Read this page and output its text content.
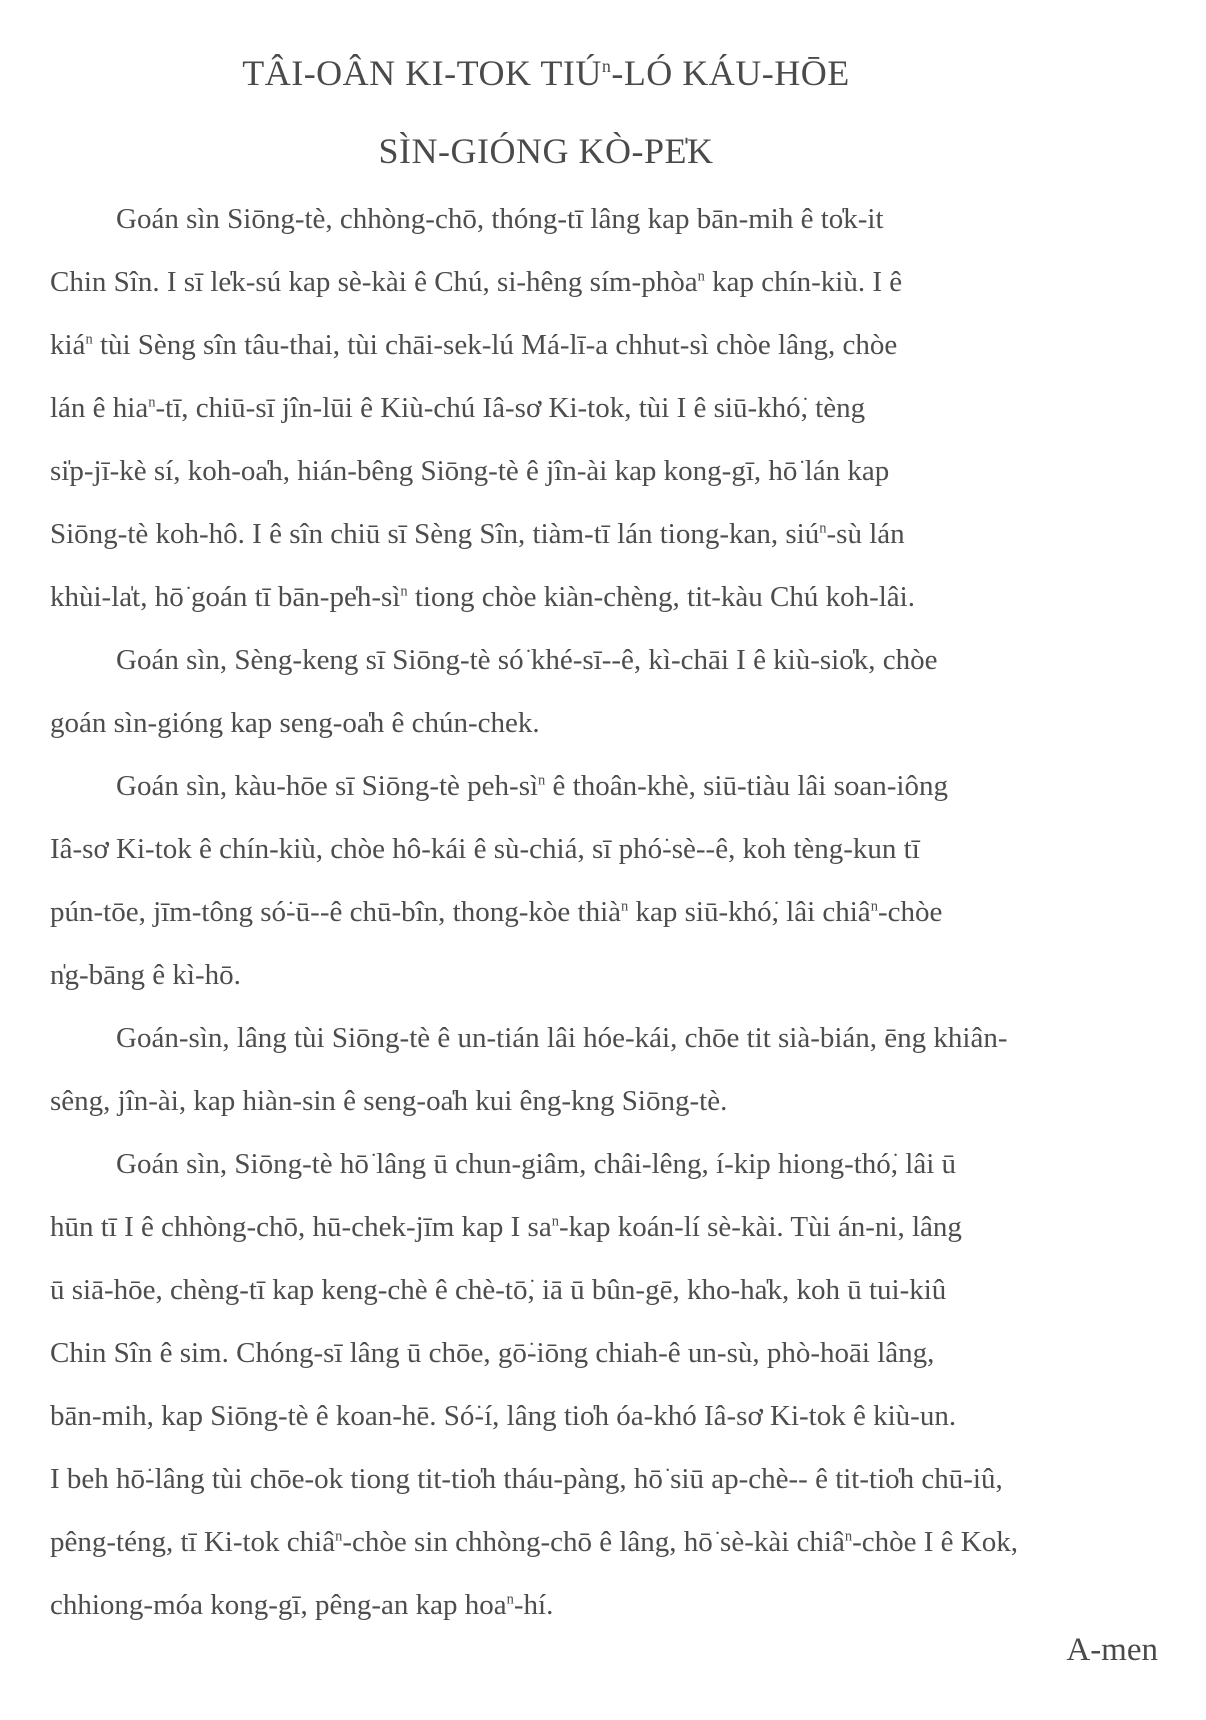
TÂI-OÂN KI-TOK TIÚ$^n$-LÓ KÁU-HŌE
SÌN-GIÓNG KÒ-PE̍K
Goán sìn Siōng-tè, chhòng-chō, thóng-tī lâng kap bān-mih ê to̍k-it
Chin Sîn. I sī le̍k-sú kap sè-kài ê Chú, si-hêng sím-phòa$^n$ kap chín-kiù. I ê
kiá$^n$ tùi Sèng sîn tâu-thai, tùi chāi-sek-lú Má-lī-a chhut-sì chòe lâng, chòe
lán ê hia$^n$-tī, chiū-sī jîn-lūi ê Kiù-chú Iâ-sơ Ki-tok, tùi I ê siū-khó͘, tèng
si̍p-jī-kè sí, koh-oa̍h, hián-bêng Siōng-tè ê jîn-ài kap kong-gī, hō͘ lán kap
Siōng-tè koh-hô. I ê sîn chiū sī Sèng Sîn, tiàm-tī lán tiong-kan, siú$^n$-sù lán
khùi-la̍t, hō͘ goán tī bān-$pe̍h-sì^n$ tiong chòe kiàn-chèng, tit-kàu Chú koh-lâi.
Goán sìn, Sèng-keng sī Siōng-tè só͘ khé-sī--ê, kì-chāi I ê kiù-sio̍k, chòe
goán sìn-gióng kap seng-oa̍h ê chún-chek.
Goán sìn, kàu-hōe sī Siōng-tè peh-$sì^n$ ê thoân-khè, siū-tiàu lâi soan-iông
Iâ-sơ Ki-tok ê chín-kiù, chòe hô-kái ê sù-chiá, sī phó͘-sè--ê, koh tèng-kun tī
pún-tōe, jīm-tông só͘-ū--ê chū-bîn, thong-kòe thià$^n$ kap siū-khó͘, lâi chiâ$^n$-chòe
n̍g-bāng ê kì-hō.
Goán-sìn, lâng tùi Siōng-tè ê un-tián lâi hóe-kái, chōe tit sià-bián, ēng khiân-
sêng, jîn-ài, kap hiàn-sin ê seng-oa̍h kui êng-kng Siōng-tè.
Goán sìn, Siōng-tè hō͘ lâng ū chun-giâm, châi-lêng, í-kip hiong-thó͘, lâi ū
hūn tī I ê chhòng-chō, hū-chek-jīm kap I $sa^n$-kap koán-lí sè-kài. Tùi án-ni, lâng
ū siā-hōe, chèng-tī kap keng-chè ê chè-tō͘, iā ū bûn-gē, kho-ha̍k, koh ū tui-kiû
Chin Sîn ê sim. Chóng-sī lâng ū chōe, gō͘-iōng chiah-ê un-sù, phò-hoāi lâng,
bān-mih, kap Siōng-tè ê koan-hē. Só͘-í, lâng tio̍h óa-khó Iâ-sơ Ki-tok ê kiù-un.
I beh hō͘-lâng tùi chōe-ok tiong tit-tio̍h tháu-pàng, hō͘ siū ap-chè-- ê tit-tio̍h chū-iû,
pêng-téng, tī Ki-tok chiâ$^n$-chòe sin chhòng-chō ê lâng, hō͘ sè-kài chiâ$^n$-chòe I ê Kok,
chhiong-móa kong-gī, pêng-an kap hoa$^n$-hí.
A-men
